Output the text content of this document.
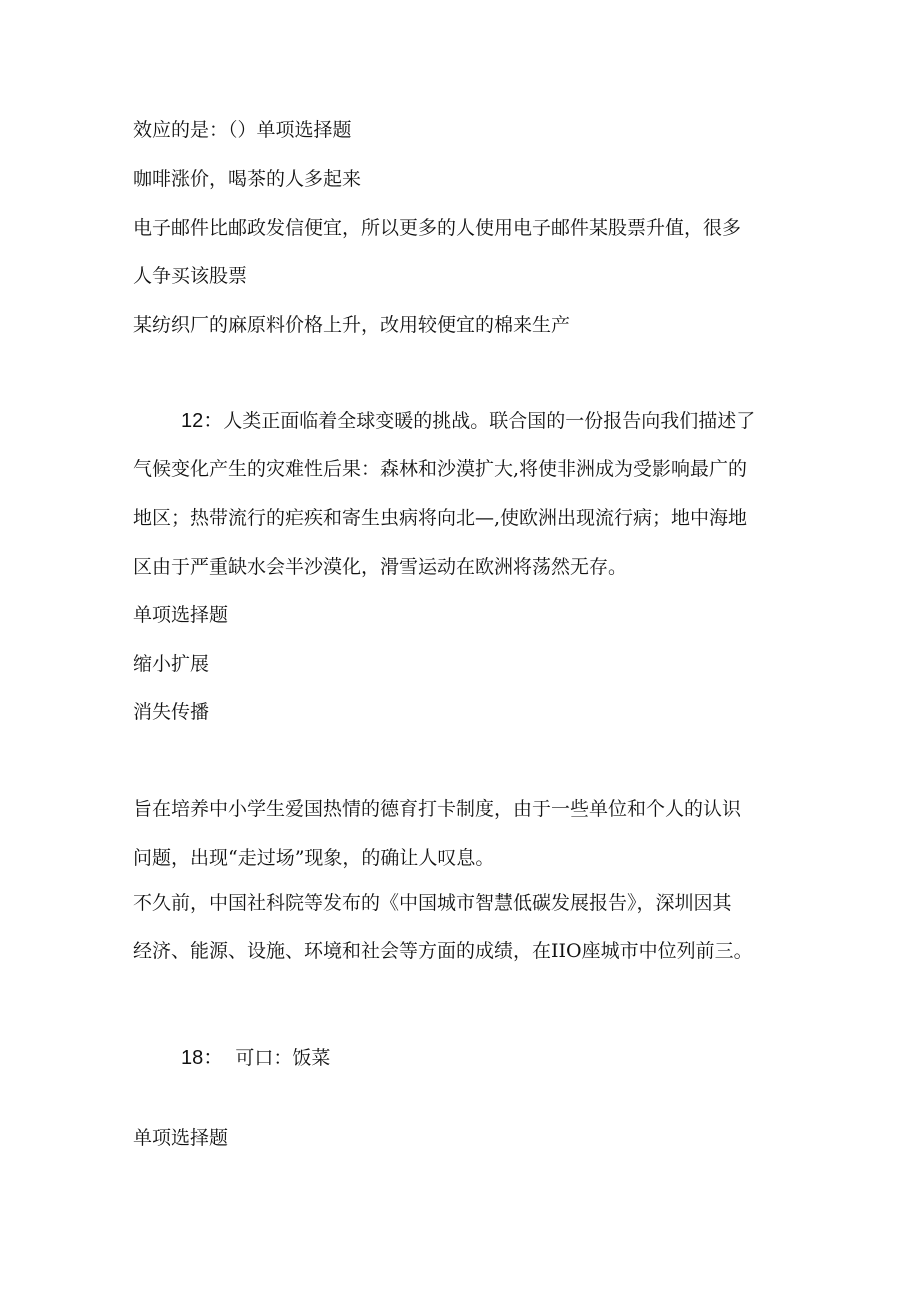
效应的是：（）单项选择题
咖啡涨价，喝茶的人多起来
电子邮件比邮政发信便宜，所以更多的人使用电子邮件某股票升值，很多
人争买该股票
某纺织厂的麻原料价格上升，改用较便宜的棉来生产
12：人类正面临着全球变暖的挑战。联合国的一份报告向我们描述了
气候变化产生的灾难性后果：森林和沙漠扩大,将使非洲成为受影响最广的
地区；热带流行的疟疾和寄生虫病将向北—,使欧洲出现流行病；地中海地
区由于严重缺水会半沙漠化，滑雪运动在欧洲将荡然无存。
单项选择题
缩小扩展
消失传播
旨在培养中小学生爱国热情的德育打卡制度，由于一些单位和个人的认识
问题，出现“走过场”现象，的确让人叹息。
不久前，中国社科院等发布的《中国城市智慧低碳发展报告》，深圳因其
经济、能源、设施、环境和社会等方面的成绩，在IIO座城市中位列前三。
18： 可口：饭菜
单项选择题
